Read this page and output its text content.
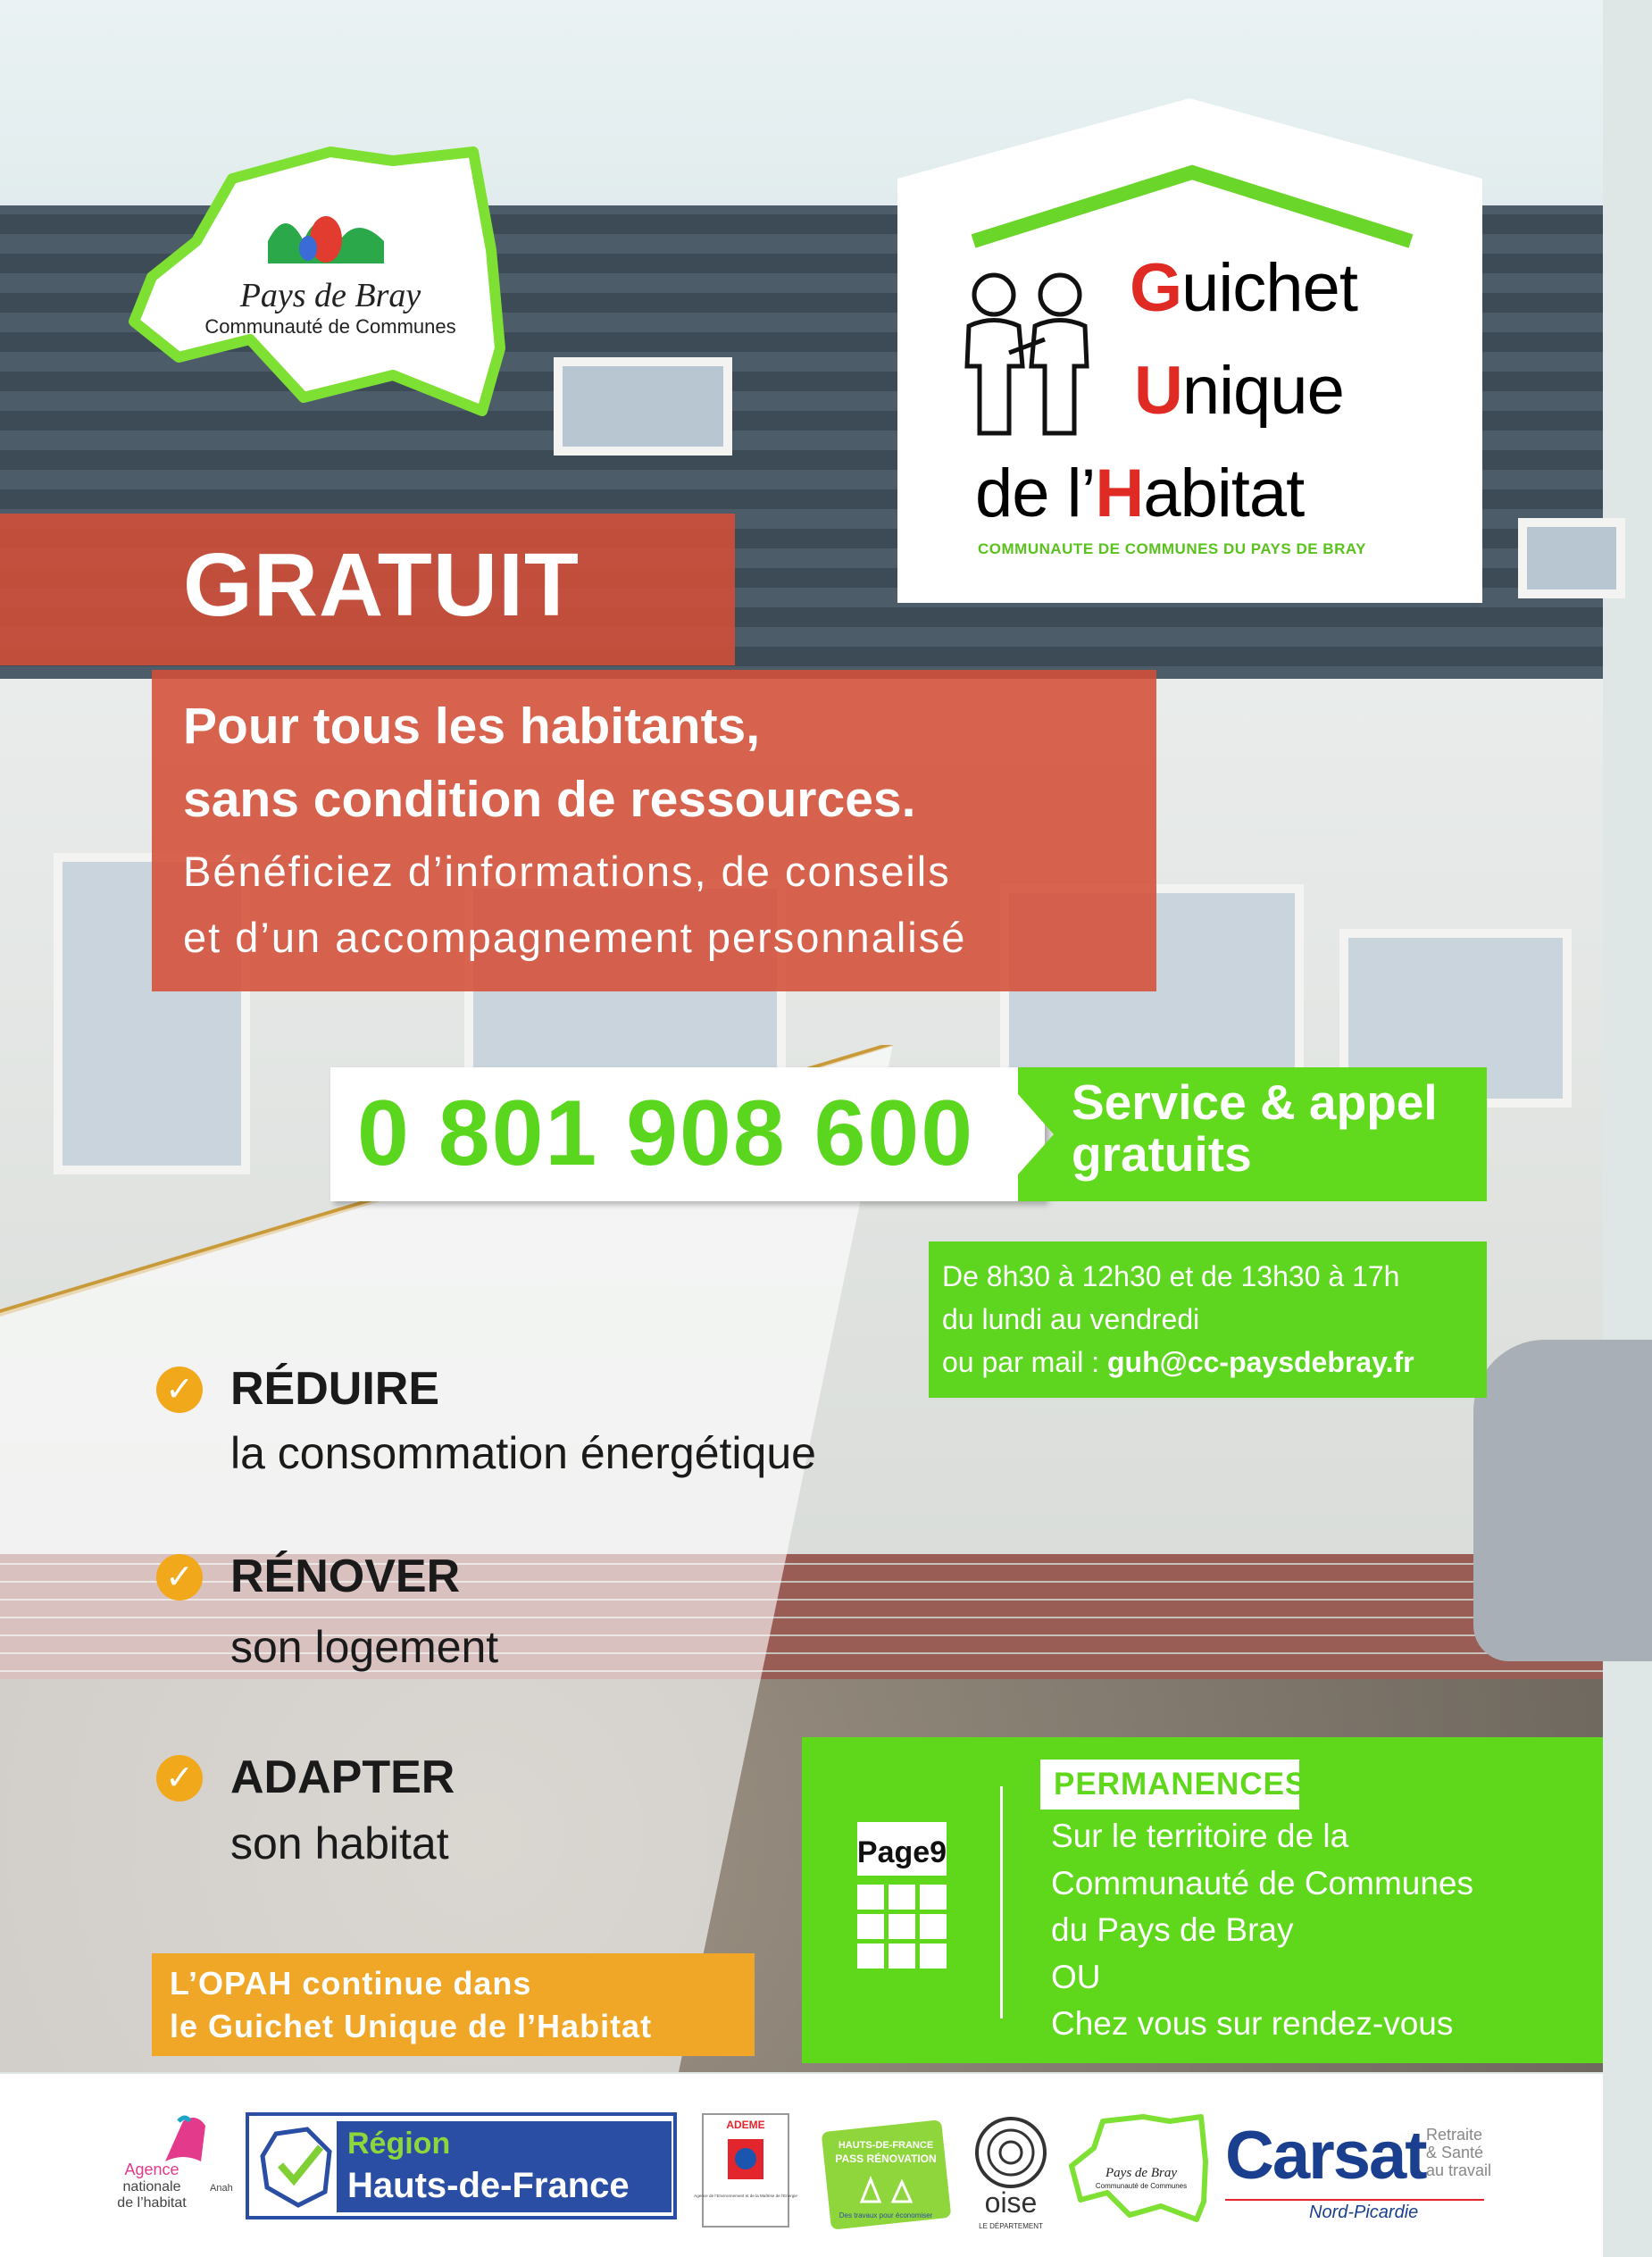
Pays de Bray
Communauté de Communes
Guichet
Unique
de l’Habitat
COMMUNAUTE DE COMMUNES DU PAYS DE BRAY
GRATUIT
Pour tous les habitants,
sans condition de ressources.
Bénéficiez d’informations, de conseils
et d’un accompagnement personnalisé
0 801 908 600 Service & appel
gratuits
De 8h30 à 12h30 et de 13h30 à 17h
du lundi au vendredi
ou par mail : guh@cc-paysdebray.fr
✓ RÉDUIRE
la consommation énergétique
✓ RÉNOVER
son logement
✓ ADAPTER
son habitat
L’OPAH continue dans
le Guichet Unique de l’Habitat
Page9
PERMANENCES
Sur le territoire de la
Communauté de Communes
du Pays de Bray
OU
Chez vous sur rendez-vous
Agence
nationale
de l’habitat
Anah
Région
Hauts-de-France
ADEME
Agence de l’Environnement et de la Maîtrise de l’Energie
HAUTS-DE-FRANCE
PASS RÉNOVATION
Des travaux pour économiser oise
LE DÉPARTEMENT
Pays de Bray
Communauté de Communes Carsat Retraite
& Santé
au travail
Nord-Picardie
